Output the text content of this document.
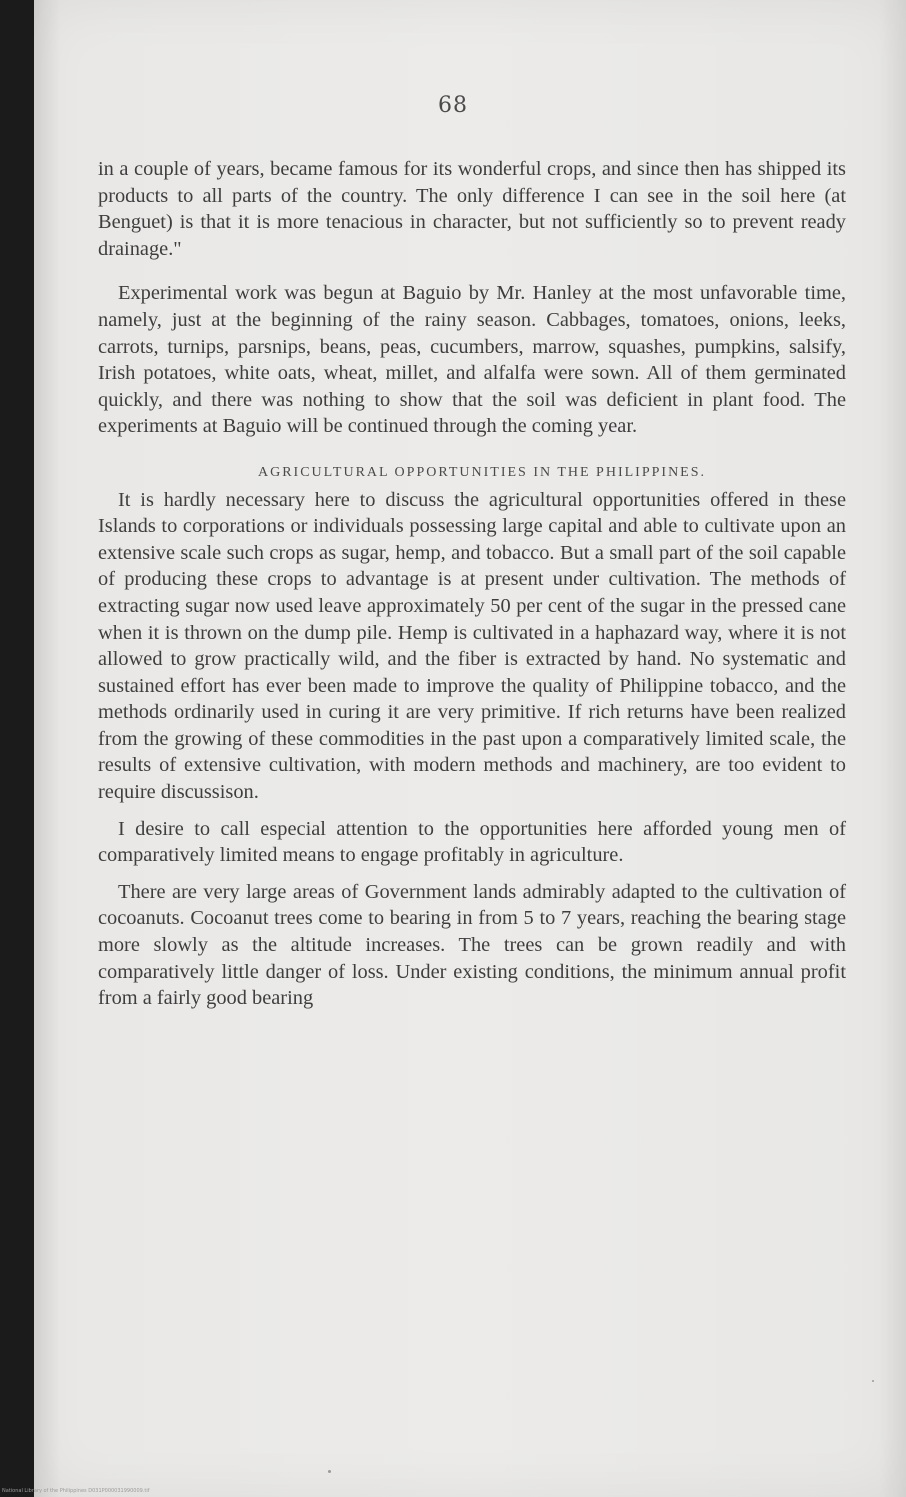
68

in a couple of years, became famous for its wonderful crops, and since then has shipped its products to all parts of the country. The only difference I can see in the soil here (at Benguet) is that it is more tenacious in character, but not sufficiently so to prevent ready drainage."

Experimental work was begun at Baguio by Mr. Hanley at the most unfavorable time, namely, just at the beginning of the rainy season. Cabbages, tomatoes, onions, leeks, carrots, turnips, parsnips, beans, peas, cucumbers, marrow, squashes, pumpkins, salsify, Irish potatoes, white oats, wheat, millet, and alfalfa were sown. All of them germinated quickly, and there was nothing to show that the soil was deficient in plant food. The experiments at Baguio will be continued through the coming year.

AGRICULTURAL OPPORTUNITIES IN THE PHILIPPINES.

It is hardly necessary here to discuss the agricultural opportunities offered in these Islands to corporations or individuals possessing large capital and able to cultivate upon an extensive scale such crops as sugar, hemp, and tobacco. But a small part of the soil capable of producing these crops to advantage is at present under cultivation. The methods of extracting sugar now used leave approximately 50 per cent of the sugar in the pressed cane when it is thrown on the dump pile. Hemp is cultivated in a haphazard way, where it is not allowed to grow practically wild, and the fiber is extracted by hand. No systematic and sustained effort has ever been made to improve the quality of Philippine tobacco, and the methods ordinarily used in curing it are very primitive. If rich returns have been realized from the growing of these commodities in the past upon a comparatively limited scale, the results of extensive cultivation, with modern methods and machinery, are too evident to require discussison.

I desire to call especial attention to the opportunities here afforded young men of comparatively limited means to engage profitably in agriculture.

There are very large areas of Government lands admirably adapted to the cultivation of cocoanuts. Cocoanut trees come to bearing in from 5 to 7 years, reaching the bearing stage more slowly as the altitude increases. The trees can be grown readily and with comparatively little danger of loss. Under existing conditions, the minimum annual profit from a fairly good bearing

National Library of the Philippines D031P000031990009.tif
